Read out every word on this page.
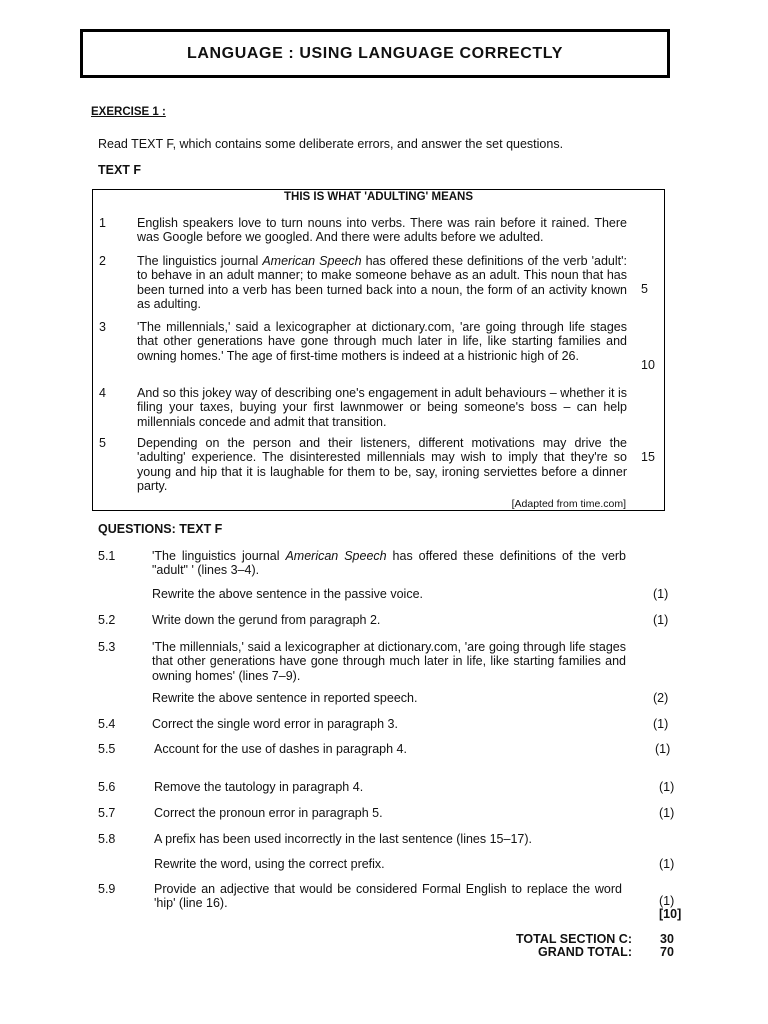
LANGUAGE : USING LANGUAGE CORRECTLY
EXERCISE 1 :
Read TEXT F, which contains some deliberate errors, and answer the set questions.
TEXT F
THIS IS WHAT 'ADULTING' MEANS
1 English speakers love to turn nouns into verbs. There was rain before it rained. There was Google before we googled. And there were adults before we adulted.
2 The linguistics journal American Speech has offered these definitions of the verb 'adult': to behave in an adult manner; to make someone behave as an adult. This noun that has been turned into a verb has been turned back into a noun, the form of an activity known as adulting.
5
3 'The millennials,' said a lexicographer at dictionary.com, 'are going through life stages that other generations have gone through much later in life, like starting families and owning homes.' The age of first-time mothers is indeed at a histrionic high of 26.
10
4 And so this jokey way of describing one's engagement in adult behaviours – whether it is filing your taxes, buying your first lawnmower or being someone's boss – can help millennials concede and admit that transition.
5 Depending on the person and their listeners, different motivations may drive the 'adulting' experience. The disinterested millennials may wish to imply that they're so young and hip that it is laughable for them to be, say, ironing serviettes before a dinner party.
15
[Adapted from time.com]
QUESTIONS: TEXT F
5.1	'The linguistics journal American Speech has offered these definitions of the verb "adult" ' (lines 3–4).
Rewrite the above sentence in the passive voice.	(1)
5.2	Write down the gerund from paragraph 2.	(1)
5.3	'The millennials,' said a lexicographer at dictionary.com, 'are going through life stages that other generations have gone through much later in life, like starting families and owning homes' (lines 7–9).
Rewrite the above sentence in reported speech.	(2)
5.4	Correct the single word error in paragraph 3.	(1)
5.5	Account for the use of dashes in paragraph 4.	(1)
5.6	Remove the tautology in paragraph 4.	(1)
5.7	Correct the pronoun error in paragraph 5.	(1)
5.8	A prefix has been used incorrectly in the last sentence (lines 15–17).
Rewrite the word, using the correct prefix.	(1)
5.9	Provide an adjective that would be considered Formal English to replace the word 'hip' (line 16).	(1)
[10]
TOTAL SECTION C: 30
GRAND TOTAL: 70
